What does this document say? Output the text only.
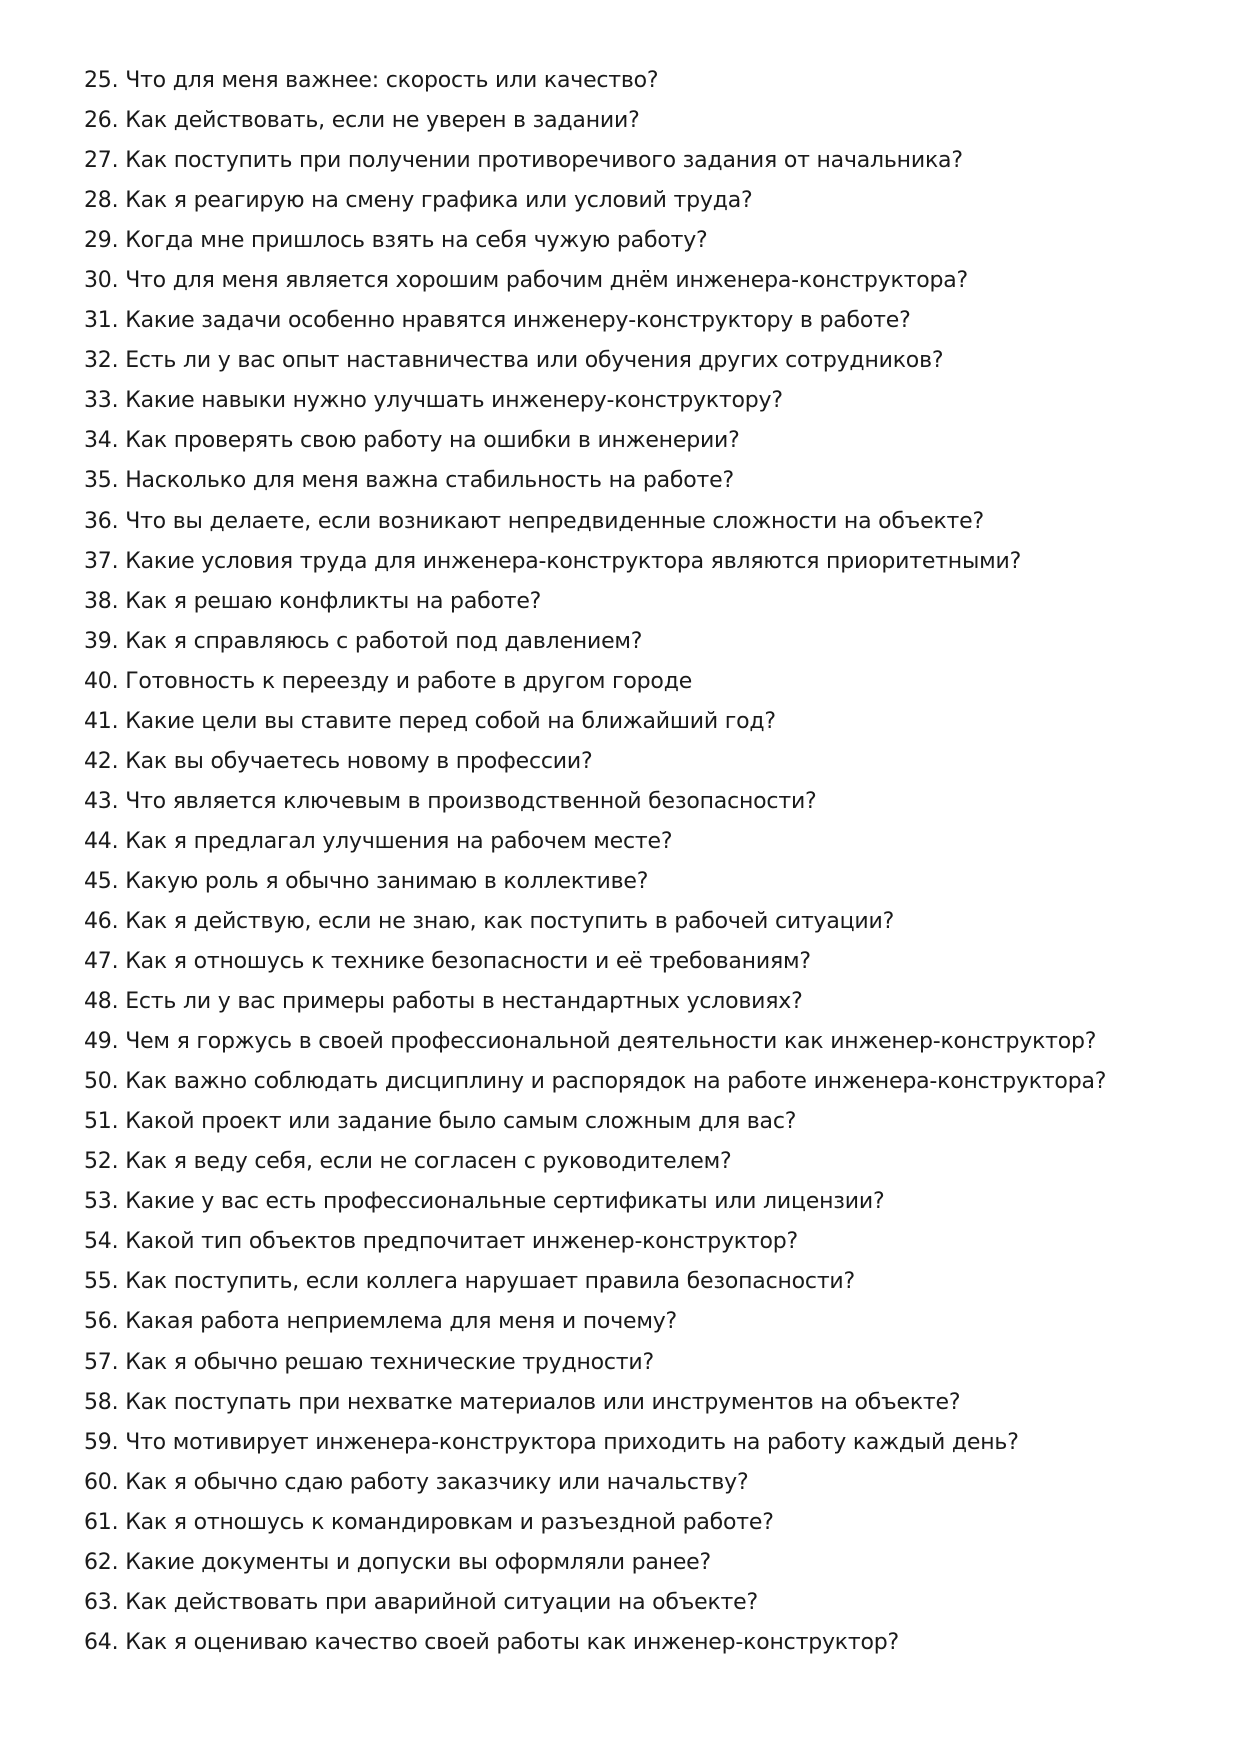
25. Что для меня важнее: скорость или качество?
26. Как действовать, если не уверен в задании?
27. Как поступить при получении противоречивого задания от начальника?
28. Как я реагирую на смену графика или условий труда?
29. Когда мне пришлось взять на себя чужую работу?
30. Что для меня является хорошим рабочим днём инженера-конструктора?
31. Какие задачи особенно нравятся инженеру-конструктору в работе?
32. Есть ли у вас опыт наставничества или обучения других сотрудников?
33. Какие навыки нужно улучшать инженеру-конструктору?
34. Как проверять свою работу на ошибки в инженерии?
35. Насколько для меня важна стабильность на работе?
36. Что вы делаете, если возникают непредвиденные сложности на объекте?
37. Какие условия труда для инженера-конструктора являются приоритетными?
38. Как я решаю конфликты на работе?
39. Как я справляюсь с работой под давлением?
40. Готовность к переезду и работе в другом городе
41. Какие цели вы ставите перед собой на ближайший год?
42. Как вы обучаетесь новому в профессии?
43. Что является ключевым в производственной безопасности?
44. Как я предлагал улучшения на рабочем месте?
45. Какую роль я обычно занимаю в коллективе?
46. Как я действую, если не знаю, как поступить в рабочей ситуации?
47. Как я отношусь к технике безопасности и её требованиям?
48. Есть ли у вас примеры работы в нестандартных условиях?
49. Чем я горжусь в своей профессиональной деятельности как инженер-конструктор?
50. Как важно соблюдать дисциплину и распорядок на работе инженера-конструктора?
51. Какой проект или задание было самым сложным для вас?
52. Как я веду себя, если не согласен с руководителем?
53. Какие у вас есть профессиональные сертификаты или лицензии?
54. Какой тип объектов предпочитает инженер-конструктор?
55. Как поступить, если коллега нарушает правила безопасности?
56. Какая работа неприемлема для меня и почему?
57. Как я обычно решаю технические трудности?
58. Как поступать при нехватке материалов или инструментов на объекте?
59. Что мотивирует инженера-конструктора приходить на работу каждый день?
60. Как я обычно сдаю работу заказчику или начальству?
61. Как я отношусь к командировкам и разъездной работе?
62. Какие документы и допуски вы оформляли ранее?
63. Как действовать при аварийной ситуации на объекте?
64. Как я оцениваю качество своей работы как инженер-конструктор?
